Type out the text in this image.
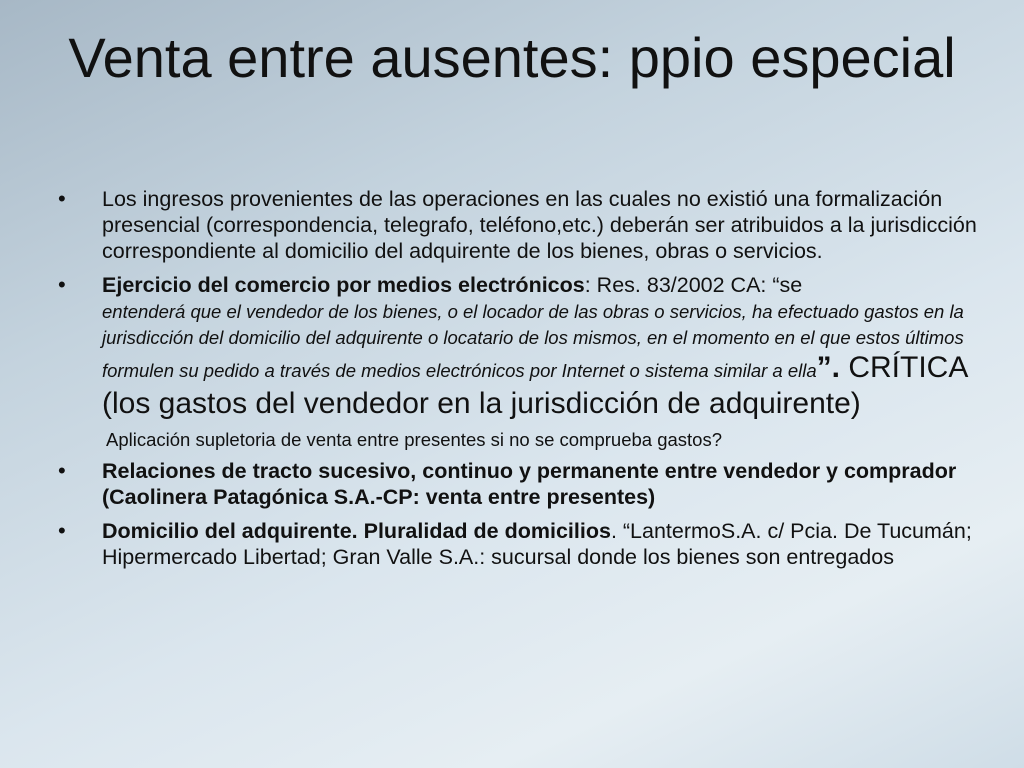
Venta entre ausentes: ppio especial
• Los ingresos provenientes de las operaciones en las cuales no existió una formalización presencial (correspondencia, telegrafo, teléfono,etc.) deberán ser atribuidos a la jurisdicción correspondiente al domicilio del adquirente de los bienes, obras o servicios.
• Ejercicio del comercio por medios electrónicos: Res. 83/2002 CA: “se
entenderá que el vendedor de los bienes, o el locador de las obras o servicios, ha efectuado gastos en la jurisdicción del domicilio del adquirente o locatario de los mismos, en el momento en el que estos últimos formulen su pedido a través de medios electrónicos por Internet o sistema similar a ella”. CRÍTICA (los gastos del vendedor en la jurisdicción de adquirente)
Aplicación supletoria de venta entre presentes si no se comprueba gastos?
• Relaciones de tracto sucesivo, continuo y permanente entre vendedor y comprador (Caolinera Patagónica S.A.-CP: venta entre presentes)
• Domicilio del adquirente. Pluralidad de domicilios. “LantermoS.A. c/ Pcia. De Tucumán; Hipermercado Libertad; Gran Valle S.A.: sucursal donde los bienes son entregados
